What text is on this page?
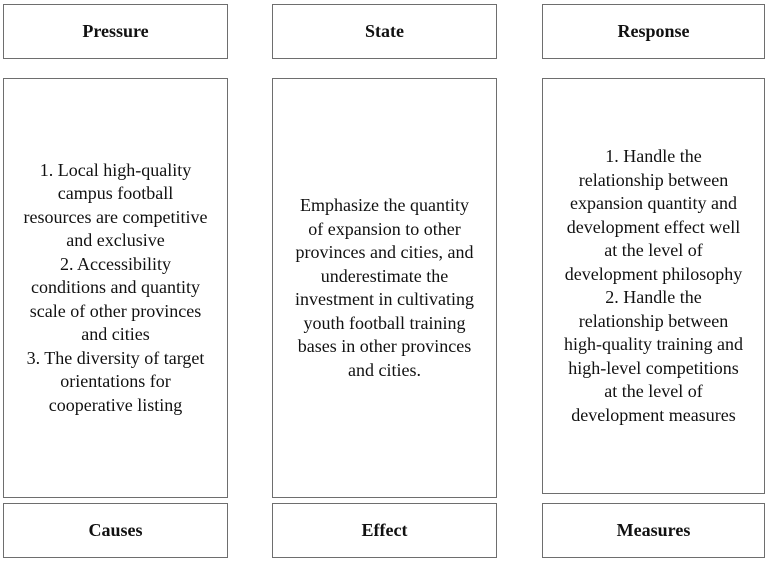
Pressure
1. Local high-quality
campus football
resources are competitive
and exclusive
2. Accessibility
conditions and quantity
scale of other provinces
and cities
3. The diversity of target
orientations for
cooperative listing
Causes
State
Emphasize the quantity
of expansion to other
provinces and cities, and
underestimate the
investment in cultivating
youth football training
bases in other provinces
and cities.
Effect
Response
1. Handle the
relationship between
expansion quantity and
development effect well
at the level of
development philosophy
2. Handle the
relationship between
high-quality training and
high-level competitions
at the level of
development measures
Measures
